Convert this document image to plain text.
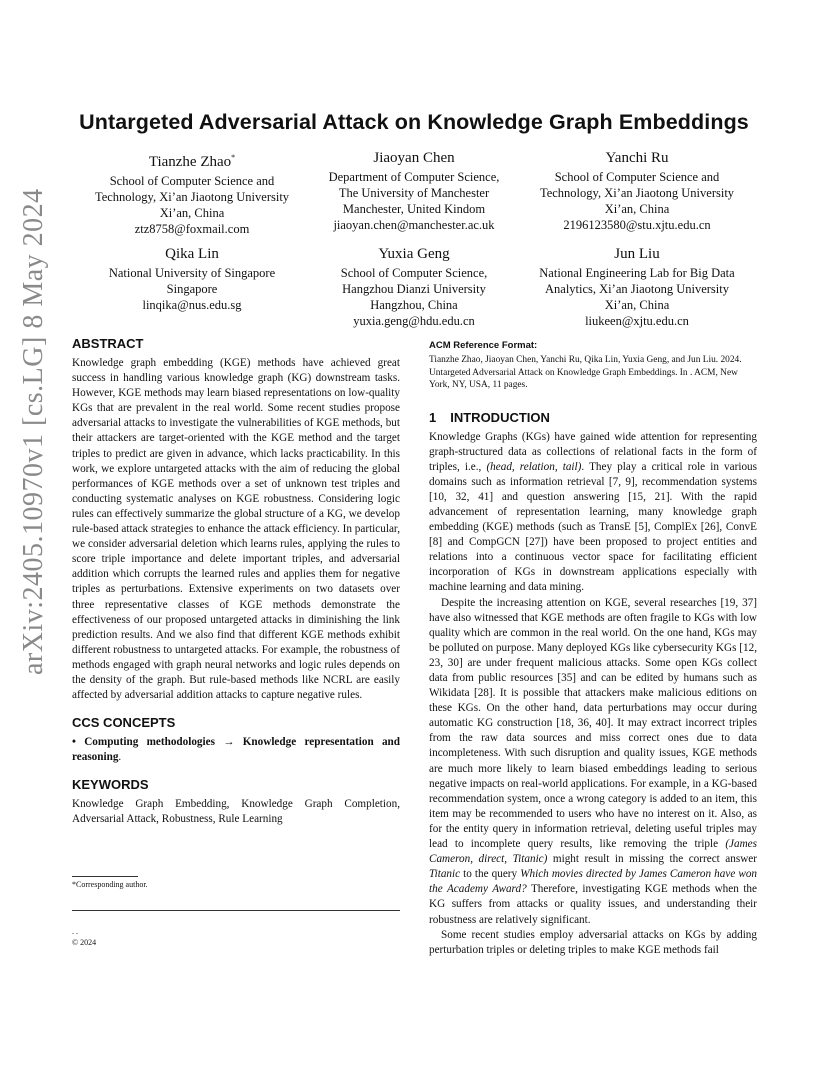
arXiv:2405.10970v1 [cs.LG] 8 May 2024
Untargeted Adversarial Attack on Knowledge Graph Embeddings
Tianzhe Zhao*
School of Computer Science and
Technology, Xi’an Jiaotong University
Xi’an, China
ztz8758@foxmail.com
Jiaoyan Chen
Department of Computer Science,
The University of Manchester
Manchester, United Kindom
jiaoyan.chen@manchester.ac.uk
Yanchi Ru
School of Computer Science and
Technology, Xi’an Jiaotong University
Xi’an, China
2196123580@stu.xjtu.edu.cn
Qika Lin
National University of Singapore
Singapore
linqika@nus.edu.sg
Yuxia Geng
School of Computer Science,
Hangzhou Dianzi University
Hangzhou, China
yuxia.geng@hdu.edu.cn
Jun Liu
National Engineering Lab for Big Data
Analytics, Xi’an Jiaotong University
Xi’an, China
liukeen@xjtu.edu.cn
ABSTRACT

Knowledge graph embedding (KGE) methods have achieved great success in handling various knowledge graph (KG) downstream tasks. However, KGE methods may learn biased representations on low-quality KGs that are prevalent in the real world. Some recent studies propose adversarial attacks to investigate the vulnerabilities of KGE methods, but their attackers are target-oriented with the KGE method and the target triples to predict are given in advance, which lacks practicability. In this work, we explore untargeted attacks with the aim of reducing the global performances of KGE methods over a set of unknown test triples and conducting systematic analyses on KGE robustness. Considering logic rules can effectively summarize the global structure of a KG, we develop rule-based attack strategies to enhance the attack efficiency. In particular, we consider adversarial deletion which learns rules, applying the rules to score triple importance and delete important triples, and adversarial addition which corrupts the learned rules and applies them for negative triples as perturbations. Extensive experiments on two datasets over three representative classes of KGE methods demonstrate the effectiveness of our proposed untargeted attacks in diminishing the link prediction results. And we also find that different KGE methods exhibit different robustness to untargeted attacks. For example, the robustness of methods engaged with graph neural networks and logic rules depends on the density of the graph. But rule-based methods like NCRL are easily affected by adversarial addition attacks to capture negative rules.

CCS CONCEPTS

• Computing methodologies → Knowledge representation and reasoning.

KEYWORDS

Knowledge Graph Embedding, Knowledge Graph Completion, Adversarial Attack, Robustness, Rule Learning

*Corresponding author.
. .
© 2024
ACM Reference Format:
Tianzhe Zhao, Jiaoyan Chen, Yanchi Ru, Qika Lin, Yuxia Geng, and Jun Liu. 2024. Untargeted Adversarial Attack on Knowledge Graph Embeddings. In . ACM, New York, NY, USA, 11 pages.
1 INTRODUCTION

Knowledge Graphs (KGs) have gained wide attention for representing graph-structured data as collections of relational facts in the form of triples, i.e., (head, relation, tail). They play a critical role in various domains such as information retrieval [7, 9], recommendation systems [10, 32, 41] and question answering [15, 21]. With the rapid advancement of representation learning, many knowledge graph embedding (KGE) methods (such as TransE [5], ComplEx [26], ConvE [8] and CompGCN [27]) have been proposed to project entities and relations into a continuous vector space for facilitating efficient incorporation of KGs in downstream applications especially with machine learning and data mining.

Despite the increasing attention on KGE, several researches [19, 37] have also witnessed that KGE methods are often fragile to KGs with low quality which are common in the real world. On the one hand, KGs may be polluted on purpose. Many deployed KGs like cybersecurity KGs [12, 23, 30] are under frequent malicious attacks. Some open KGs collect data from public resources [35] and can be edited by humans such as Wikidata [28]. It is possible that attackers make malicious editions on these KGs. On the other hand, data perturbations may occur during automatic KG construction [18, 36, 40]. It may extract incorrect triples from the raw data sources and miss correct ones due to data incompleteness. With such disruption and quality issues, KGE methods are much more likely to learn biased embeddings leading to serious negative impacts on real-world applications. For example, in a KG-based recommendation system, once a wrong category is added to an item, this item may be recommended to users who have no interest on it. Also, as for the entity query in information retrieval, deleting useful triples may lead to incomplete query results, like removing the triple (James Cameron, direct, Titanic) might result in missing the correct answer Titanic to the query Which movies directed by James Cameron have won the Academy Award? Therefore, investigating KGE methods when the KG suffers from attacks or quality issues, and understanding their robustness are relatively significant.

Some recent studies employ adversarial attacks on KGs by adding perturbation triples or deleting triples to make KGE methods fail
